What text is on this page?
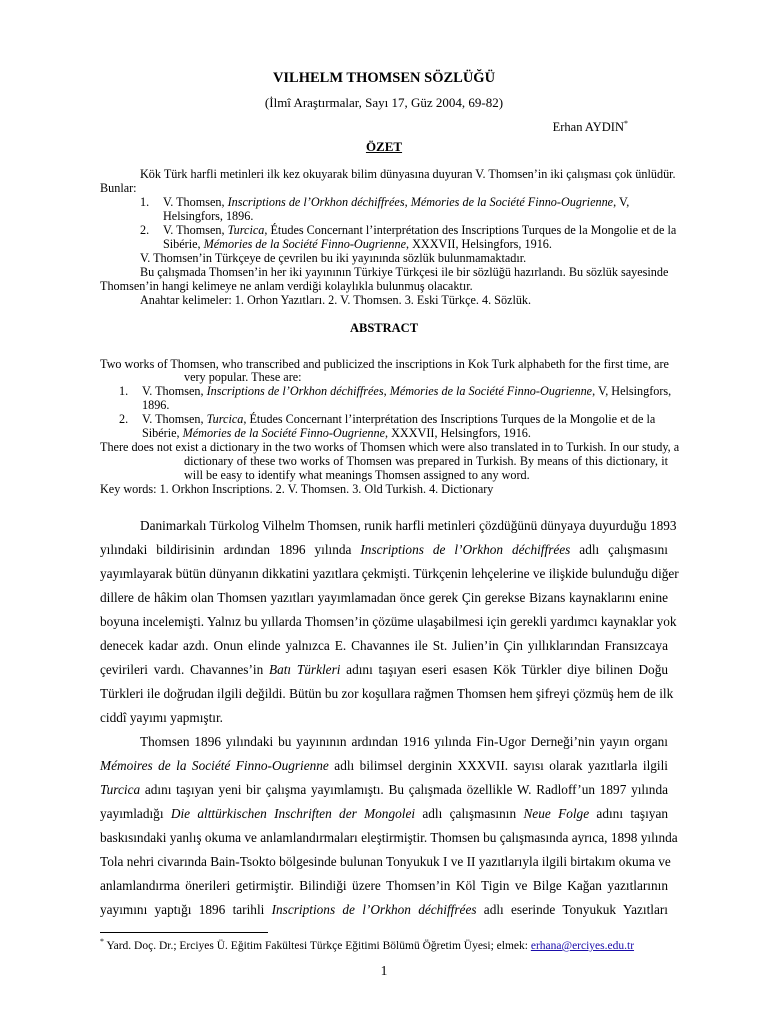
VILHELM THOMSEN SÖZLÜĞÜ
(İlmî Araştırmalar, Sayı 17, Güz 2004, 69-82)
Erhan AYDIN*
ÖZET
Kök Türk harfli metinleri ilk kez okuyarak bilim dünyasına duyuran V. Thomsen’in iki çalışması çok ünlüdür.
Bunlar:
1. V. Thomsen, Inscriptions de l’Orkhon déchiffrées, Mémories de la Société Finno-Ougrienne, V,
Helsingfors, 1896.
2. V. Thomsen, Turcica, Études Concernant l’interprétation des Inscriptions Turques de la Mongolie et de la
Sibérie, Mémories de la Société Finno-Ougrienne, XXXVII, Helsingfors, 1916.
V. Thomsen’in Türkçeye de çevrilen bu iki yayınında sözlük bulunmamaktadır.
Bu çalışmada Thomsen’in her iki yayınının Türkiye Türkçesi ile bir sözlüğü hazırlandı. Bu sözlük sayesinde
Thomsen’in hangi kelimeye ne anlam verdiği kolaylıkla bulunmuş olacaktır.
Anahtar kelimeler: 1. Orhon Yazıtları. 2. V. Thomsen. 3. Eski Türkçe. 4. Sözlük.
ABSTRACT
Two works of Thomsen, who transcribed and publicized the inscriptions in Kok Turk alphabeth for the first time, are
very popular. These are:
1. V. Thomsen, Inscriptions de l’Orkhon déchiffrées, Mémories de la Société Finno-Ougrienne, V, Helsingfors,
1896.
2. V. Thomsen, Turcica, Études Concernant l’interprétation des Inscriptions Turques de la Mongolie et de la
Sibérie, Mémories de la Société Finno-Ougrienne, XXXVII, Helsingfors, 1916.
There does not exist a dictionary in the two works of Thomsen which were also translated in to Turkish. In our study, a
dictionary of these two works of Thomsen was prepared in Turkish. By means of this dictionary, it
will be easy to identify what meanings Thomsen assigned to any word.
Key words: 1. Orkhon Inscriptions. 2. V. Thomsen. 3. Old Turkish. 4. Dictionary
Danimarkalı Türkolog Vilhelm Thomsen, runik harfli metinleri çözdüğünü dünyaya duyurduğu 1893
yılındaki bildirisinin ardından 1896 yılında Inscriptions de l’Orkhon déchiffrées adlı çalışmasını
yayımlayarak bütün dünyanın dikkatini yazıtlara çekmişti. Türkçenin lehçelerine ve ilişkide bulunduğu diğer
dillere de hâkim olan Thomsen yazıtları yayımlamadan önce gerek Çin gerekse Bizans kaynaklarını enine
boyuna incelemişti. Yalnız bu yıllarda Thomsen’in çözüme ulaşabilmesi için gerekli yardımcı kaynaklar yok
denecek kadar azdı. Onun elinde yalnızca E. Chavannes ile St. Julien’in Çin yıllıklarından Fransızcaya
çevirileri vardı. Chavannes’in Batı Türkleri adını taşıyan eseri esasen Kök Türkler diye bilinen Doğu
Türkleri ile doğrudan ilgili değildi. Bütün bu zor koşullara rağmen Thomsen hem şifreyi çözmüş hem de ilk
ciddî yayımı yapmıştır.
Thomsen 1896 yılındaki bu yayınının ardından 1916 yılında Fin-Ugor Derneği’nin yayın organı
Mémoires de la Société Finno-Ougrienne adlı bilimsel derginin XXXVII. sayısı olarak yazıtlarla ilgili
Turcica adını taşıyan yeni bir çalışma yayımlamıştı. Bu çalışmada özellikle W. Radloff’un 1897 yılında
yayımladığı Die alttürkischen Inschriften der Mongolei adlı çalışmasının Neue Folge adını taşıyan
baskısındaki yanlış okuma ve anlamlandırmaları eleştirmiştir. Thomsen bu çalışmasında ayrıca, 1898 yılında
Tola nehri civarında Bain-Tsokto bölgesinde bulunan Tonyukuk I ve II yazıtlarıyla ilgili birtakım okuma ve
anlamlandırma önerileri getirmiştir. Bilindiği üzere Thomsen’in Köl Tigin ve Bilge Kağan yazıtlarının
yayımını yaptığı 1896 tarihli Inscriptions de l’Orkhon déchiffrées adlı eserinde Tonyukuk Yazıtları
* Yard. Doç. Dr.; Erciyes Ü. Eğitim Fakültesi Türkçe Eğitimi Bölümü Öğretim Üyesi; elmek: erhana@erciyes.edu.tr
1
